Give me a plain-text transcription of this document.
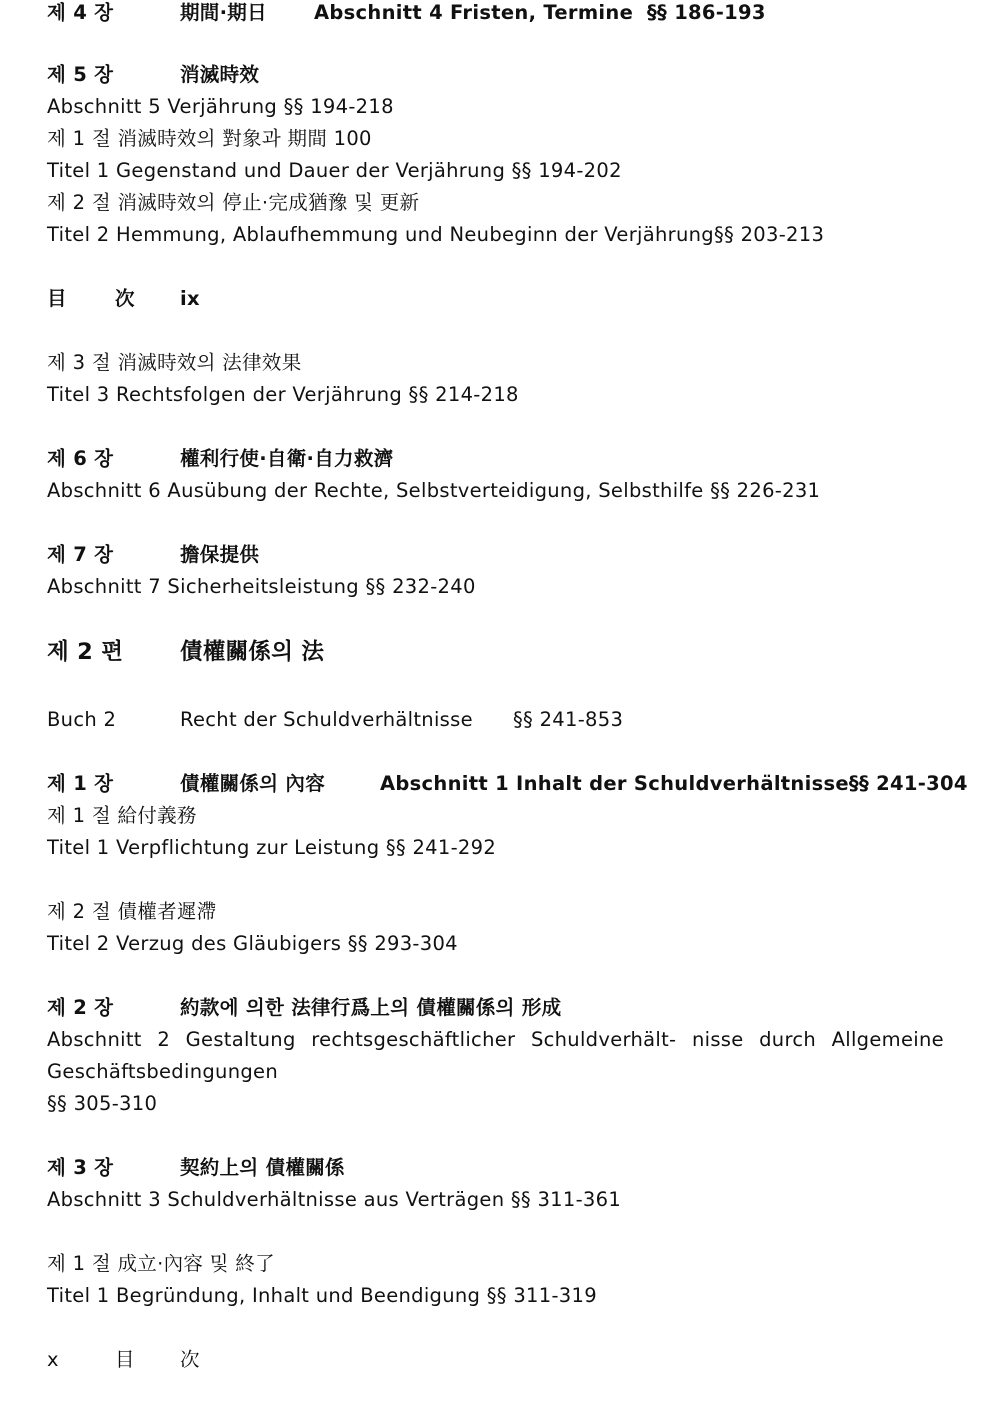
제 4 장	期間·期日 Abschnitt 4 Fristen, Termine §§ 186-193
제 5 장	消滅時效
Abschnitt 5 Verjährung §§ 194-218
제 1 절 消滅時效의 對象과 期間 100
Titel 1 Gegenstand und Dauer der Verjährung §§ 194-202
제 2 절 消滅時效의 停止·完成猶豫 및 更新
Titel 2 Hemmung, Ablaufhemmung und Neubeginn der Verjährung§§ 203-213
目 次 ix
제 3 절 消滅時效의 法律效果
Titel 3 Rechtsfolgen der Verjährung §§ 214-218
제 6 장	權利行使·自衛·自力救濟
Abschnitt 6 Ausübung der Rechte, Selbstverteidigung, Selbsthilfe §§ 226-231
제 7 장	擔保提供
Abschnitt 7 Sicherheitsleistung §§ 232-240
제 2 편	債權關係의 法
Buch 2	Recht der Schuldverhältnisse §§ 241-853
제 1 장	債權關係의 內容	Abschnitt 1 Inhalt der Schuldverhältnisse§§ 241-304
제 1 절 給付義務
Titel 1 Verpflichtung zur Leistung §§ 241-292
제 2 절 債權者遲滯
Titel 2 Verzug des Gläubigers §§ 293-304
제 2 장	約款에 의한 法律行爲上의 債權關係의 形成
Abschnitt 2 Gestaltung rechtsgeschäftlicher Schuldverhält- nisse durch Allgemeine
Geschäftsbedingungen
§§ 305-310
제 3 장	契約上의 債權關係
Abschnitt 3 Schuldverhältnisse aus Verträgen §§ 311-361
제 1 절 成立·內容 및 終了
Titel 1 Begründung, Inhalt und Beendigung §§ 311-319
x	目 次
